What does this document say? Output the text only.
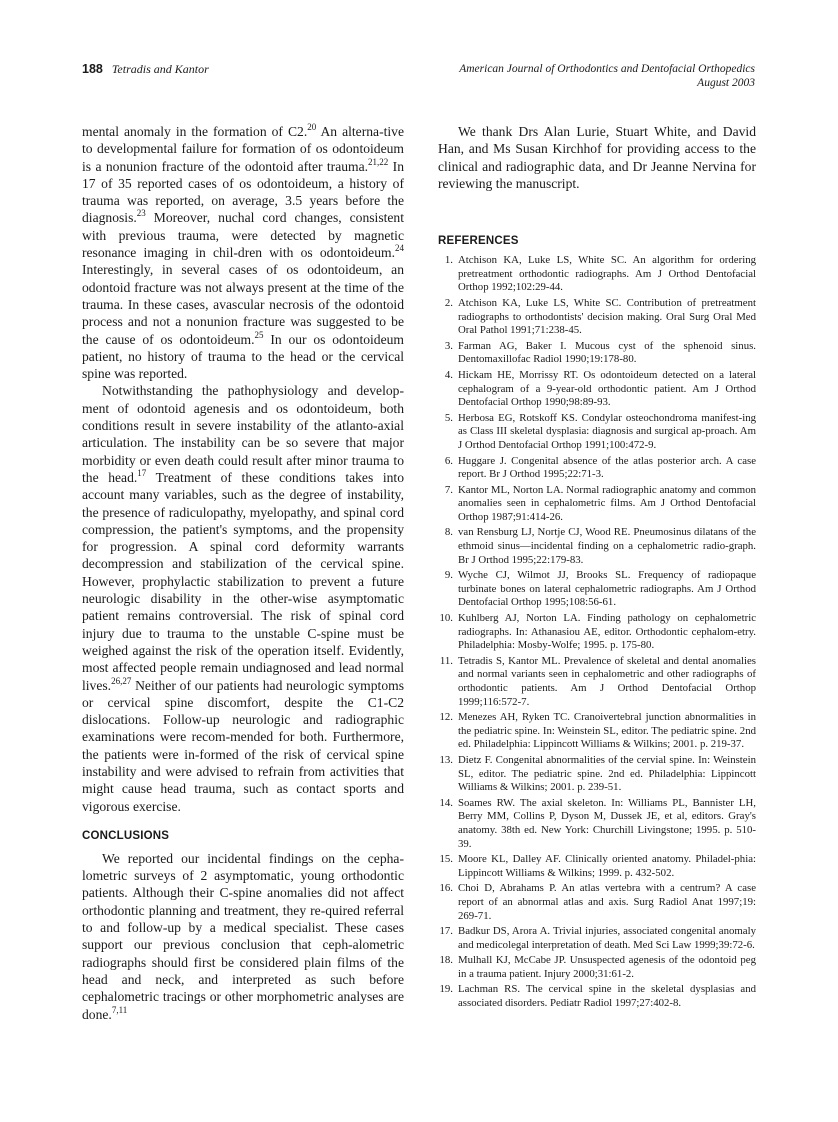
188 Tetradis and Kantor	American Journal of Orthodontics and Dentofacial Orthopedics
August 2003

mental anomaly in the formation of C2.20 An alterna-tive to developmental failure for formation of os odontoideum is a nonunion fracture of the odontoid after trauma.$^{21,22}$ In 17 of 35 reported cases of os odontoideum, a history of trauma was reported, on average, 3.5 years before the diagnosis.$^{23}$ Moreover, nuchal cord changes, consistent with previous trauma, were detected by magnetic resonance imaging in chil-dren with os odontoideum.$^{24}$ Interestingly, in several cases of os odontoideum, an odontoid fracture was not always present at the time of the trauma. In these cases, avascular necrosis of the odontoid process and not a nonunion fracture was suggested to be the cause of os odontoideum.$^{25}$ In our os odontoideum patient, no history of trauma to the head or the cervical spine was reported.

Notwithstanding the pathophysiology and develop-ment of odontoid agenesis and os odontoideum, both conditions result in severe instability of the atlanto-axial articulation. The instability can be so severe that major morbidity or even death could result after minor trauma to the head.$^{17}$ Treatment of these conditions takes into account many variables, such as the degree of instability, the presence of radiculopathy, myelopathy, and spinal cord compression, the patient's symptoms, and the propensity for progression. A spinal cord deformity warrants decompression and stabilization of the cervical spine. However, prophylactic stabilization to prevent a future neurologic disability in the other-wise asymptomatic patient remains controversial. The risk of spinal cord injury due to trauma to the unstable C-spine must be weighed against the risk of the operation itself. Evidently, most affected people remain undiagnosed and lead normal lives.$^{26,27}$ Neither of our patients had neurologic symptoms or cervical spine discomfort, despite the C1-C2 dislocations. Follow-up neurologic and radiographic examinations were recom-mended for both. Furthermore, the patients were in-formed of the risk of cervical spine instability and were advised to refrain from activities that might cause head trauma, such as contact sports and vigorous exercise.

CONCLUSIONS

We reported our incidental findings on the cepha-lometric surveys of 2 asymptomatic, young orthodontic patients. Although their C-spine anomalies did not affect orthodontic planning and treatment, they re-quired referral to and follow-up by a medical specialist. These cases support our previous conclusion that ceph-alometric radiographs should first be considered plain films of the head and neck, and interpreted as such before cephalometric tracings or other morphometric analyses are done.$^{7,11}$

We thank Drs Alan Lurie, Stuart White, and David Han, and Ms Susan Kirchhof for providing access to the clinical and radiographic data, and Dr Jeanne Nervina for reviewing the manuscript.

REFERENCES
1. Atchison KA, Luke LS, White SC. An algorithm for ordering pretreatment orthodontic radiographs. Am J Orthod Dentofacial Orthop 1992;102:29-44.
2. Atchison KA, Luke LS, White SC. Contribution of pretreatment radiographs to orthodontists' decision making. Oral Surg Oral Med Oral Pathol 1991;71:238-45.
3. Farman AG, Baker I. Mucous cyst of the sphenoid sinus. Dentomaxillofac Radiol 1990;19:178-80.
4. Hickam HE, Morrissy RT. Os odontoideum detected on a lateral cephalogram of a 9-year-old orthodontic patient. Am J Orthod Dentofacial Orthop 1990;98:89-93.
5. Herbosa EG, Rotskoff KS. Condylar osteochondroma manifest-ing as Class III skeletal dysplasia: diagnosis and surgical ap-proach. Am J Orthod Dentofacial Orthop 1991;100:472-9.
6. Huggare J. Congenital absence of the atlas posterior arch. A case report. Br J Orthod 1995;22:71-3.
7. Kantor ML, Norton LA. Normal radiographic anatomy and common anomalies seen in cephalometric films. Am J Orthod Dentofacial Orthop 1987;91:414-26.
8. van Rensburg LJ, Nortje CJ, Wood RE. Pneumosinus dilatans of the ethmoid sinus—incidental finding on a cephalometric radio-graph. Br J Orthod 1995;22:179-83.
9. Wyche CJ, Wilmot JJ, Brooks SL. Frequency of radiopaque turbinate bones on lateral cephalometric radiographs. Am J Orthod Dentofacial Orthop 1995;108:56-61.
10. Kuhlberg AJ, Norton LA. Finding pathology on cephalometric radiographs. In: Athanasiou AE, editor. Orthodontic cephalom-etry. Philadelphia: Mosby-Wolfe; 1995. p. 175-80.
11. Tetradis S, Kantor ML. Prevalence of skeletal and dental anomalies and normal variants seen in cephalometric and other radiographs of orthodontic patients. Am J Orthod Dentofacial Orthop 1999;116:572-7.
12. Menezes AH, Ryken TC. Cranoivertebral junction abnormalities in the pediatric spine. In: Weinstein SL, editor. The pediatric spine. 2nd ed. Philadelphia: Lippincott Williams & Wilkins; 2001. p. 219-37.
13. Dietz F. Congenital abnormalities of the cervial spine. In: Weinstein SL, editor. The pediatric spine. 2nd ed. Philadelphia: Lippincott Williams & Wilkins; 2001. p. 239-51.
14. Soames RW. The axial skeleton. In: Williams PL, Bannister LH, Berry MM, Collins P, Dyson M, Dussek JE, et al, editors. Gray's anatomy. 38th ed. New York: Churchill Livingstone; 1995. p. 510-39.
15. Moore KL, Dalley AF. Clinically oriented anatomy. Philadel-phia: Lippincott Williams & Wilkins; 1999. p. 432-502.
16. Choi D, Abrahams P. An atlas vertebra with a centrum? A case report of an abnormal atlas and axis. Surg Radiol Anat 1997;19: 269-71.
17. Badkur DS, Arora A. Trivial injuries, associated congenital anomaly and medicolegal interpretation of death. Med Sci Law 1999;39:72-6.
18. Mulhall KJ, McCabe JP. Unsuspected agenesis of the odontoid peg in a trauma patient. Injury 2000;31:61-2.
19. Lachman RS. The cervical spine in the skeletal dysplasias and associated disorders. Pediatr Radiol 1997;27:402-8.
